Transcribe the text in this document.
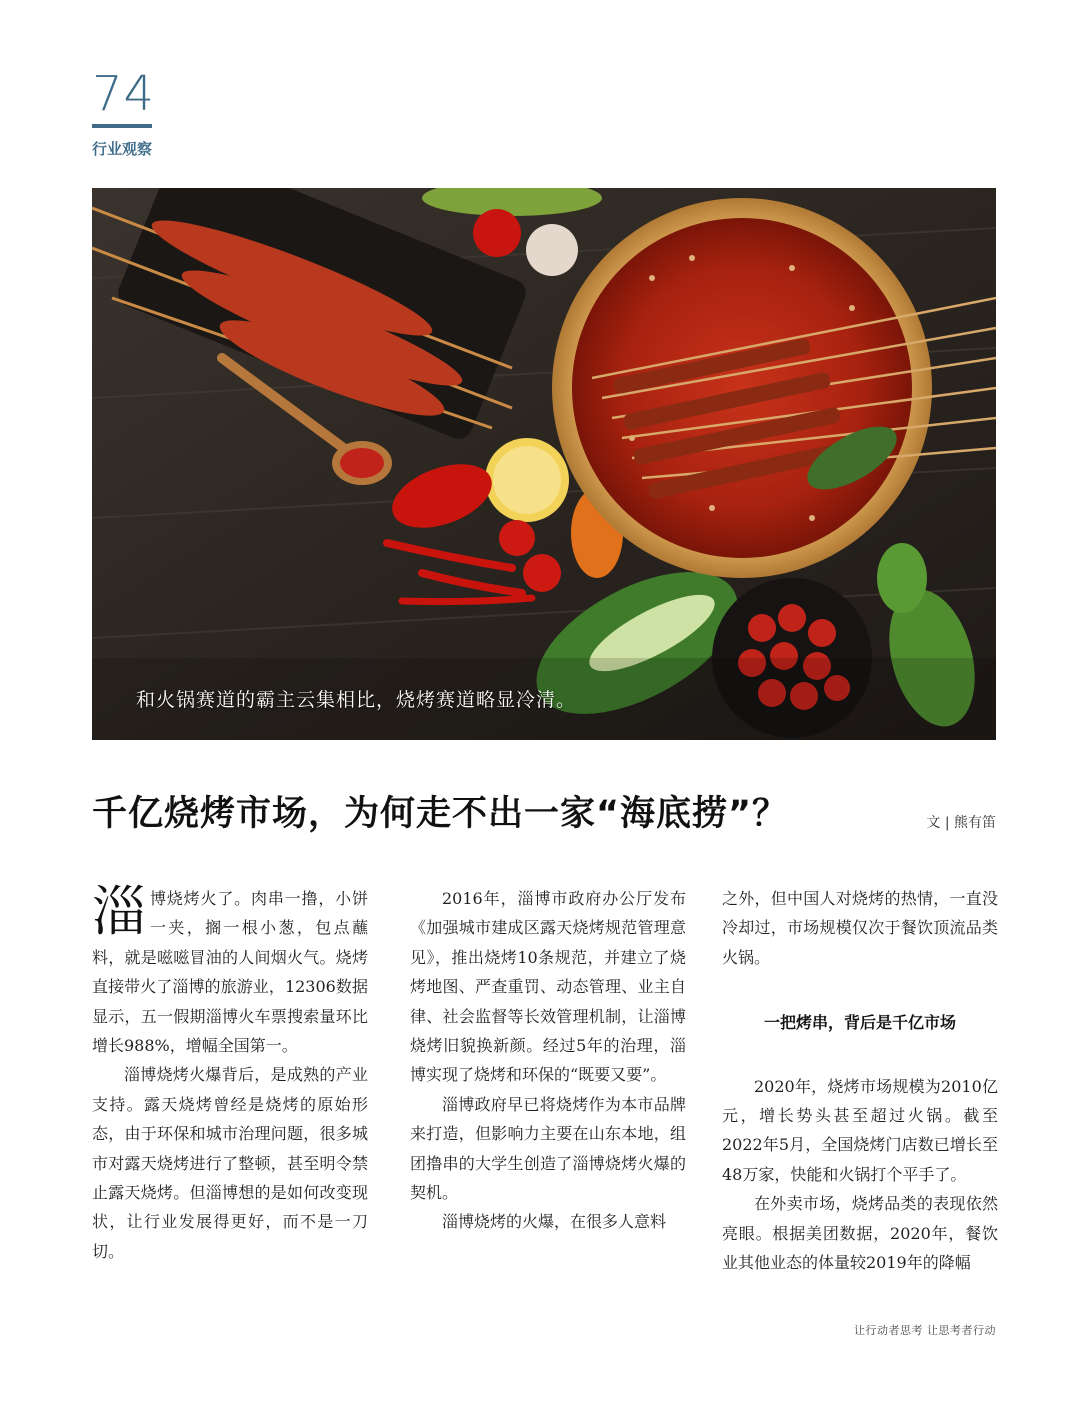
74
行业观察
和火锅赛道的霸主云集相比，烧烤赛道略显冷清。
千亿烧烤市场，为何走不出一家“海底捞”？	文 | 熊有笛

淄博烧烤火了。肉串一撸，小饼一夹，搁一根小葱，包点蘸料，就是嗞嗞冒油的人间烟火气。烧烤直接带火了淄博的旅游业，12306数据显示，五一假期淄博火车票搜索量环比增长988%，增幅全国第一。

淄博烧烤火爆背后，是成熟的产业支持。露天烧烤曾经是烧烤的原始形态，由于环保和城市治理问题，很多城市对露天烧烤进行了整顿，甚至明令禁止露天烧烤。但淄博想的是如何改变现状，让行业发展得更好，而不是一刀切。

2016年，淄博市政府办公厅发布《加强城市建成区露天烧烤规范管理意见》，推出烧烤10条规范，并建立了烧烤地图、严查重罚、动态管理、业主自律、社会监督等长效管理机制，让淄博烧烤旧貌换新颜。经过5年的治理，淄博实现了烧烤和环保的“既要又要”。

淄博政府早已将烧烤作为本市品牌来打造，但影响力主要在山东本地，组团撸串的大学生创造了淄博烧烤火爆的契机。

淄博烧烤的火爆，在很多人意料

之外，但中国人对烧烤的热情，一直没冷却过，市场规模仅次于餐饮顶流品类火锅。

一把烤串，背后是千亿市场

2020年，烧烤市场规模为2010亿元，增长势头甚至超过火锅。截至2022年5月，全国烧烤门店数已增长至48万家，快能和火锅打个平手了。

在外卖市场，烧烤品类的表现依然亮眼。根据美团数据，2020年，餐饮业其他业态的体量较2019年的降幅

让行动者思考 让思考者行动
